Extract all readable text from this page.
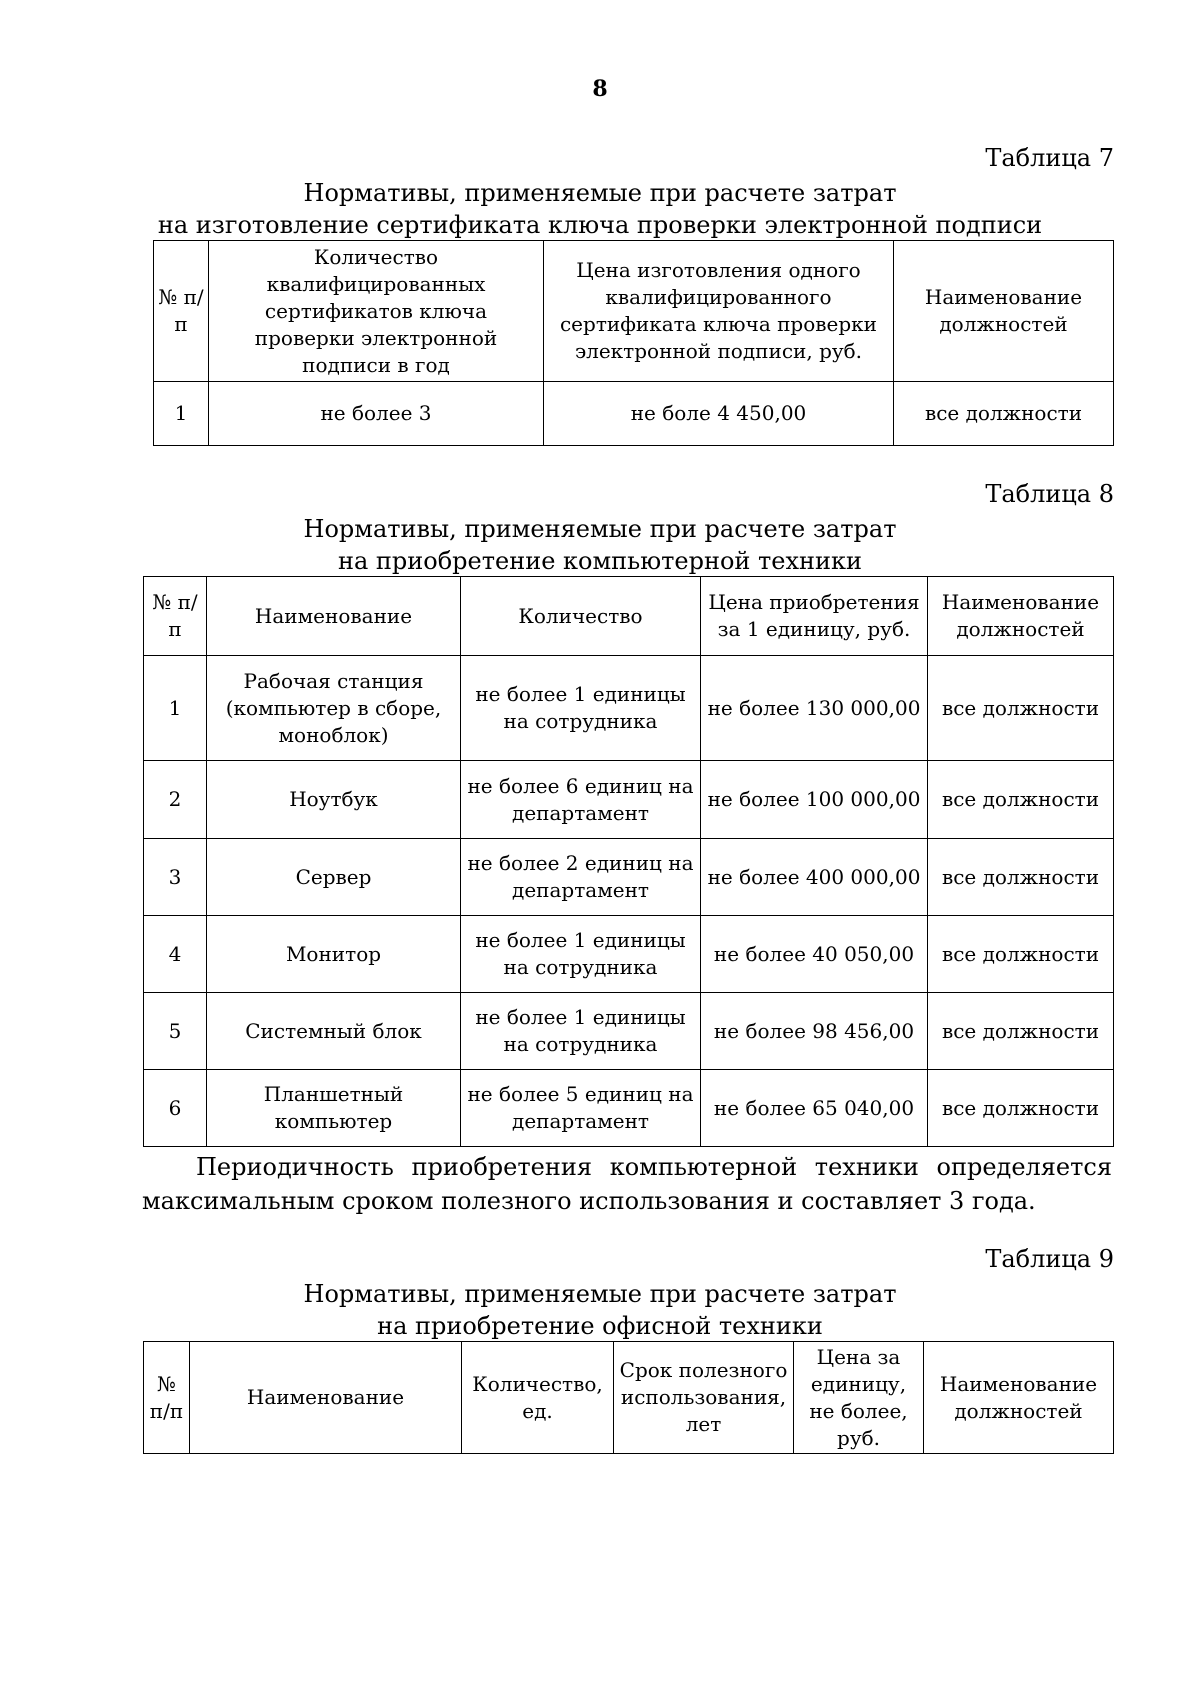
8
Таблица 7
Нормативы, применяемые при расчете затрат
на изготовление сертификата ключа проверки электронной подписи
№ п/п	Количество квалифицированных сертификатов ключа проверки электронной подписи в год	Цена изготовления одного квалифицированного сертификата ключа проверки электронной подписи, руб.	Наименование должностей
1	не более 3	не боле 4 450,00	все должности
Таблица 8
Нормативы, применяемые при расчете затрат
на приобретение компьютерной техники
№ п/п	Наименование	Количество	Цена приобретения за 1 единицу, руб.	Наименование должностей
1	Рабочая станция (компьютер в сборе, моноблок)	не более 1 единицы на сотрудника	не более 130 000,00	все должности
2	Ноутбук	не более 6 единиц на департамент	не более 100 000,00	все должности
3	Сервер	не более 2 единиц на департамент	не более 400 000,00	все должности
4	Монитор	не более 1 единицы на сотрудника	не более 40 050,00	все должности
5	Системный блок	не более 1 единицы на сотрудника	не более 98 456,00	все должности
6	Планшетный компьютер	не более 5 единиц на департамент	не более 65 040,00	все должности
Периодичность приобретения компьютерной техники определяется максимальным сроком полезного использования и составляет 3 года.
Таблица 9
Нормативы, применяемые при расчете затрат
на приобретение офисной техники
№ п/п	Наименование	Количество, ед.	Срок полезного использования, лет	Цена за единицу, не более, руб.	Наименование должностей
